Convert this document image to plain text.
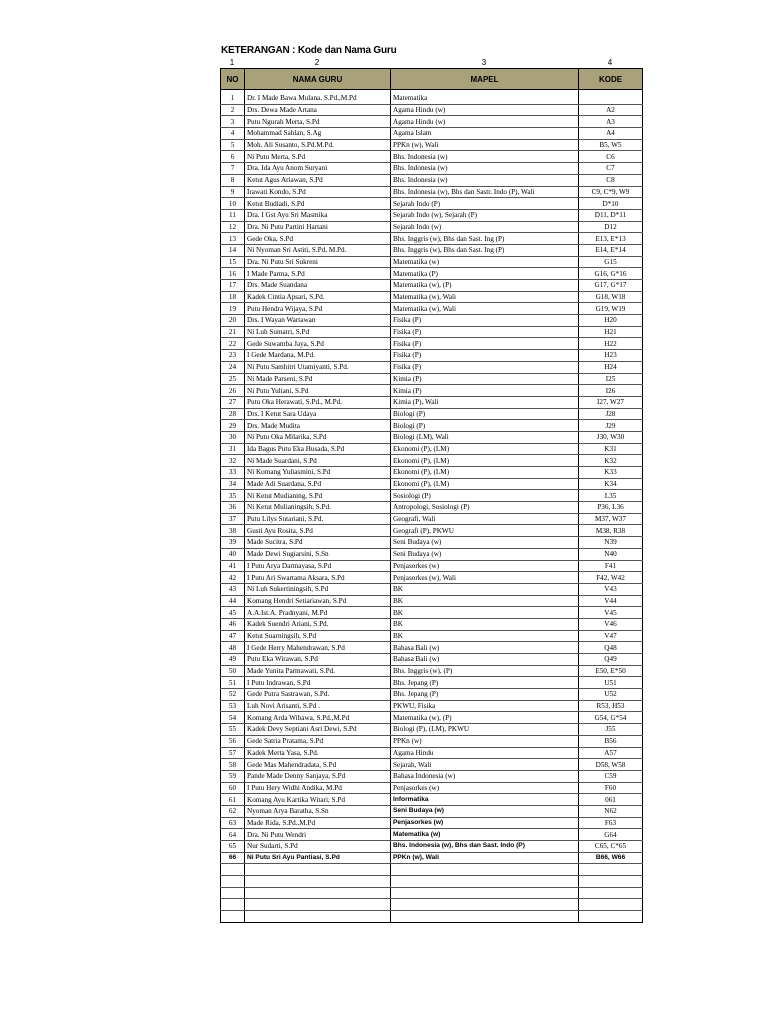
KETERANGAN : Kode dan Nama Guru
1	2	3	4
NO	NAMA GURU	MAPEL	KODE
1	Dr. I Made Bawa Mulana, S.Pd.,M.Pd	Matematika	
2	Drs. Dewa Made Artana	Agama Hindu (w)	A2
3	Putu Ngurah Merta, S.Pd	Agama Hindu (w)	A3
4	Mohammad Sahlan, S.Ag	Agama Islam	A4
5	Moh. Ali Susanto, S.Pd.M.Pd.	PPKn (w), Wali	B5, W5
6	Ni Putu Merta, S.Pd	Bhs. Indonesia (w)	C6
7	Dra. Ida Ayu Anom Suryani	Bhs. Indonesia (w)	C7
8	Ketut Agus Ariawan, S.Pd	Bhs. Indonesia (w)	C8
9	Irawati Kondo, S.Pd	Bhs. Indonesia (w), Bhs dan Sastr. Indo (P), Wali	C9, C*9, W9
10	Ketut Budiadi, S.Pd	Sejarah Indo (P)	D*10
11	Dra. I Gst Ayu Sri Masmika	Sejarah Indo (w), Sejarah (P)	D11, D*11
12	Dra. Ni Putu Partini Hartani	Sejarah Indo (w)	D12
13	Gede Oka, S.Pd	Bhs. Inggris (w), Bhs dan Sast. Ing (P)	E13, E*13
14	Ni Nyoman Sri Astiti, S.Pd, M.Pd.	Bhs. Inggris (w), Bhs dan Sast. Ing (P)	E14, E*14
15	Dra. Ni Putu Sri Sukreni	Matematika (w)	G15
16	I Made Parma, S.Pd	Matematika (P)	G16, G*16
17	Drs. Made Suandana	Matematika (w), (P)	G17, G*17
18	Kadek Cintia Apsari, S.Pd.	Matematika (w), Wali	G18, W18
19	Putu Hendra Wijaya, S.Pd	Matematika (w), Wali	G19, W19
20	Drs. I Wayan Wartawan	Fisika (P)	H20
21	Ni Luh Sumatri, S.Pd	Fisika (P)	H21
22	Gede Suwamba Jaya, S.Pd	Fisika (P)	H22
23	I Gede Mardana, M.Pd.	Fisika (P)	H23
24	Ni Putu Samhitri Utamiyanti, S.Pd.	Fisika (P)	H24
25	Ni Made Parseni, S.Pd	Kimia (P)	I25
26	Ni Putu Yuliani, S.Pd	Kimia (P)	I26
27	Putu Oka Herawati, S.Pd., M.Pd.	Kimia (P), Wali	I27, W27
28	Drs. I Ketut Sara Udaya	Biologi (P)	J28
29	Drs. Made Mudita	Biologi (P)	J29
30	Ni Putu Oka Milarika, S.Pd	Biologi (LM), Wali	J30, W30
31	Ida Bagus Putu Eka Husada, S.Pd	Ekonomi (P), (LM)	K31
32	Ni Made Suardani, S.Pd	Ekonomi (P), (LM)	K32
33	Ni Komang Yuliasmini, S.Pd	Ekonomi (P), (LM)	K33
34	Made Adi Suardana, S.Pd	Ekonomi (P), (LM)	K34
35	Ni Ketut Mudianing, S.Pd	Sosiologi (P)	L35
36	Ni Ketut Mulianingsih, S.Pd.	Antropologi, Sosiologi (P)	P36, L36
37	Putu Lilys Sutariani, S.Pd.	Geografi, Wali	M37, W37
38	Gusti Ayu Rosita, S.Pd	Geografi (P), PKWU	M38, R38
39	Made Sucitra, S.Pd	Seni Budaya (w)	N39
40	Made Dewi Sugiarsini, S.Sn	Seni Budaya (w)	N40
41	I Putu Arya Darmayasa, S.Pd	Penjasorkes (w)	F41
42	I Putu Ari Swartama Aksara, S.Pd	Penjasorkes (w), Wali	F42, W42
43	Ni Luh Sukertiningsih, S.Pd	BK	V43
44	Komang Hendri Setiariawan, S.Pd	BK	V44
45	A.A.Ist.A. Pradnyani, M.Pd	BK	V45
46	Kadek Suendri Ariani, S.Pd.	BK	V46
47	Ketut Suarningsih, S.Pd	BK	V47
48	I Gede Herry Mahendrawan, S.Pd	Bahasa Bali (w)	Q48
49	Putu Eka Wirawan, S.Pd	Bahasa Bali (w)	Q49
50	Made Yunita Parmawati, S.Pd.	Bhs. Inggris (w), (P)	E50, E*50
51	I Putu Indrawan, S.Pd	Bhs. Jepang (P)	U51
52	Gede Putra Sastrawan, S.Pd.	Bhs. Jepang (P)	U52
53	Luh Novi Arisanti, S.Pd .	PKWU, Fisika	R53, H53
54	Komang Arda Wibawa, S.Pd.,M.Pd	Matematika (w), (P)	G54, G*54
55	Kadek Devy Septiani Asri Dewi, S.Pd	Biologi (P), (LM), PKWU	J55
56	Gede Satria Pratama, S.Pd	PPKn (w)	B56
57	Kadek Merta Yasa, S.Pd.	Agama Hindu	A57
58	Gede Mas Mahendradata, S.Pd	Sejarah, Wali	D58, W58
59	Pande Made Denny Sanjaya, S.Pd	Bahasa Indonesia (w)	C59
60	I Putu Hery Widhi Andika, M.Pd	Penjasorkes (w)	F60
61	Komang Ayu Kartika Witari, S.Pd	Informatika	061
62	Nyoman Arya Baratha, S.Sn	Seni Budaya (w)	N62
63	Made Rida, S.Pd.,M.Pd	Penjasorkes (w)	F63
64	Dra. Ni Putu Wendri	Matematika (w)	G64
65	Nur Sudarti, S.Pd	Bhs. Indonesia (w), Bhs dan Sast. Indo (P)	C65, C*65
66	Ni Putu Sri Ayu Pantiasi, S.Pd	PPKn (w), Wali	B66, W66
